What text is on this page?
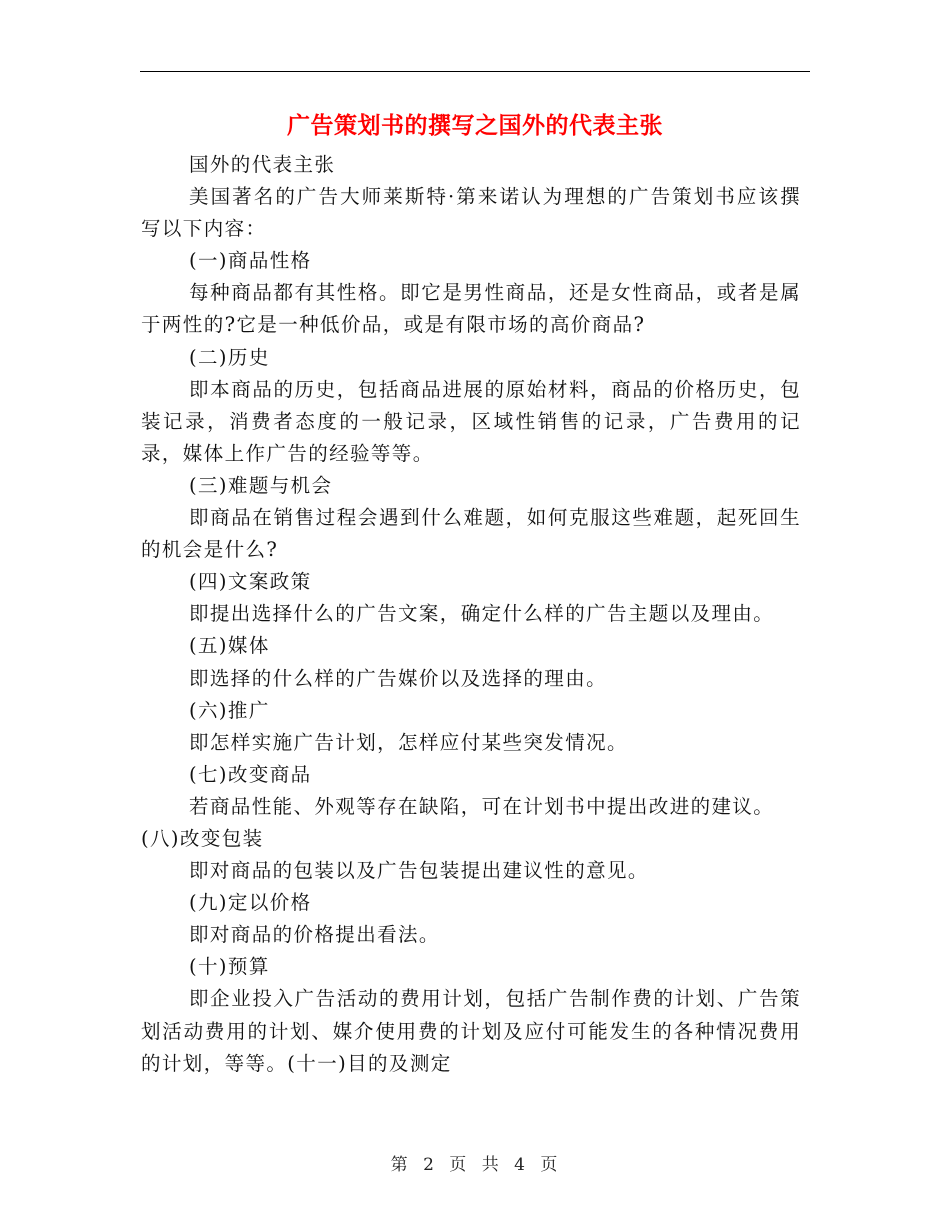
广告策划书的撰写之国外的代表主张

国外的代表主张

美国著名的广告大师莱斯特·第来诺认为理想的广告策划书应该撰写以下内容：

(一)商品性格

每种商品都有其性格。即它是男性商品，还是女性商品，或者是属于两性的?它是一种低价品，或是有限市场的高价商品?

(二)历史

即本商品的历史，包括商品进展的原始材料，商品的价格历史，包装记录，消费者态度的一般记录，区域性销售的记录，广告费用的记录，媒体上作广告的经验等等。

(三)难题与机会

即商品在销售过程会遇到什么难题，如何克服这些难题，起死回生的机会是什么?

(四)文案政策

即提出选择什么的广告文案，确定什么样的广告主题以及理由。

(五)媒体

即选择的什么样的广告媒价以及选择的理由。

(六)推广

即怎样实施广告计划，怎样应付某些突发情况。

(七)改变商品

若商品性能、外观等存在缺陷，可在计划书中提出改进的建议。

(八)改变包装

即对商品的包装以及广告包装提出建议性的意见。

(九)定以价格

即对商品的价格提出看法。

(十)预算

即企业投入广告活动的费用计划，包括广告制作费的计划、广告策划活动费用的计划、媒介使用费的计划及应付可能发生的各种情况费用的计划，等等。(十一)目的及测定

第 2 页 共 4 页
